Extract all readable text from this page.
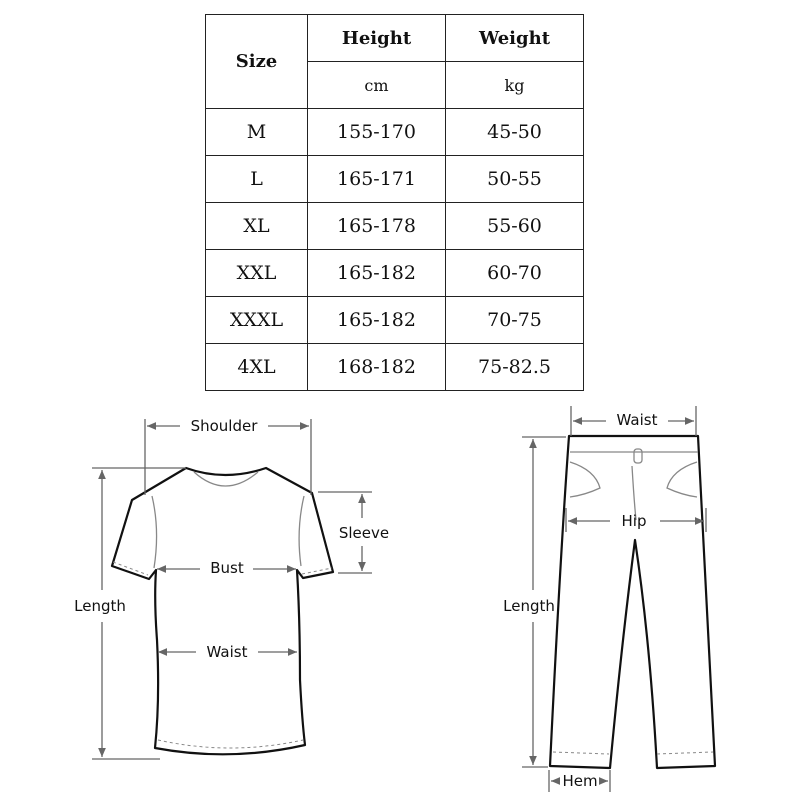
Size	Height	Weight
	cm	kg
M	155-170	45-50
L	165-171	50-55
XL	165-178	55-60
XXL	165-182	60-70
XXXL	165-182	70-75
4XL	168-182	75-82.5
Shoulder
Sleeve
Bust
Waist
Length
Waist
Hip
Length
Hem
